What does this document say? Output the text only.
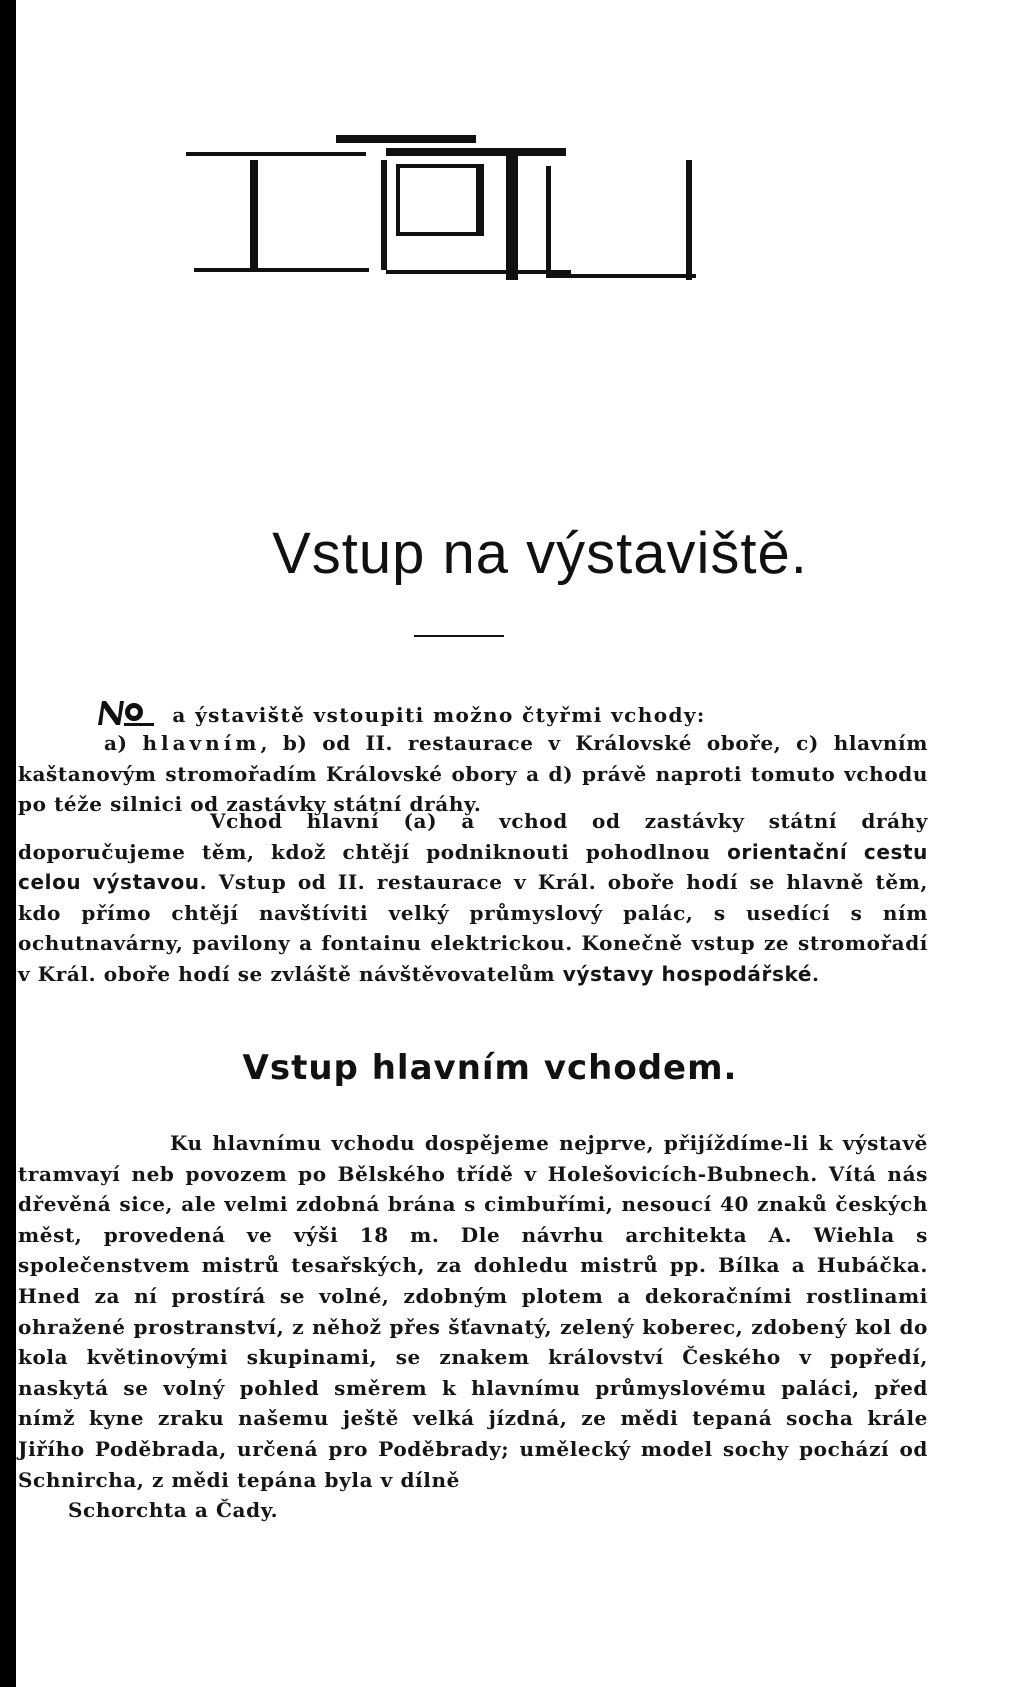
Vstup na výstaviště.
a ýstaviště vstoupiti možno čtyřmi vchody:
a) hlavním, b) od II. restaurace v Královské oboře, c) hlavním kaštanovým stromořadím Královské obory a d) právě naproti tomuto vchodu po téže silnici od zastávky státní dráhy.
Vchod hlavní (a) a vchod od zastávky státní dráhy doporučujeme těm, kdož chtějí podniknouti pohodlnou orientační cestu celou výstavou. Vstup od II. restaurace v Král. oboře hodí se hlavně těm, kdo přímo chtějí navštíviti velký průmyslový palác, s usedící s ním ochutnavárny, pavilony a fontainu elektrickou. Konečně vstup ze stromořadí v Král. oboře hodí se zvláště návštěvovatelům výstavy hospodářské.
Vstup hlavním vchodem.
Ku hlavnímu vchodu dospějeme nejprve, přijíždíme-li k výstavě tramvayí neb povozem po Bělského třídě v Holešovicích-Bubnech. Vítá nás dřevěná sice, ale velmi zdobná brána s cimbuřími, nesoucí 40 znaků českých měst, provedená ve výši 18 m. Dle návrhu architekta A. Wiehla s společenstvem mistrů tesařských, za dohledu mistrů pp. Bílka a Hubáčka. Hned za ní prostírá se volné, zdobným plotem a dekoračními rostlinami ohražené prostranství, z něhož přes šťavnatý, zelený koberec, zdobený kol do kola květinovými skupinami, se znakem království Českého v popředí, naskytá se volný pohled směrem k hlavnímu průmyslovému paláci, před nímž kyne zraku našemu ještě velká jízdná, ze mědi tepaná socha krále Jiřího Poděbrada, určená pro Poděbrady; umělecký model sochy pochází od Schnircha, z mědi tepána byla v dílně
Schorchta a Čady.
